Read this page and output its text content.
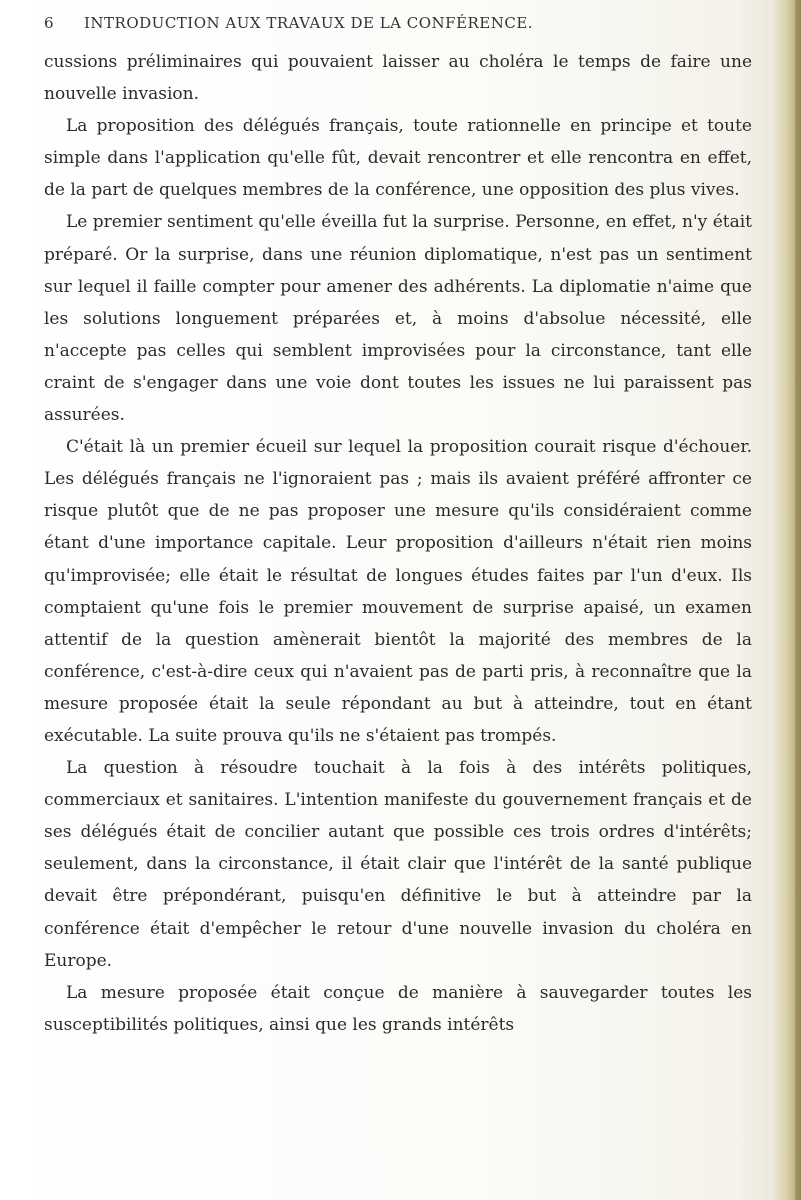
6 INTRODUCTION AUX TRAVAUX DE LA CONFÉRENCE.

cussions préliminaires qui pouvaient laisser au choléra le temps de faire une nouvelle invasion.

La proposition des délégués français, toute rationnelle en principe et toute simple dans l'application qu'elle fût, devait rencontrer et elle rencontra en effet, de la part de quelques membres de la conférence, une opposition des plus vives.

Le premier sentiment qu'elle éveilla fut la surprise. Personne, en effet, n'y était préparé. Or la surprise, dans une réunion diplomatique, n'est pas un sentiment sur lequel il faille compter pour amener des adhérents. La diplomatie n'aime que les solutions longuement préparées et, à moins d'absolue nécessité, elle n'accepte pas celles qui semblent improvisées pour la circonstance, tant elle craint de s'engager dans une voie dont toutes les issues ne lui paraissent pas assurées.

C'était là un premier écueil sur lequel la proposition courait risque d'échouer. Les délégués français ne l'ignoraient pas ; mais ils avaient préféré affronter ce risque plutôt que de ne pas proposer une mesure qu'ils considéraient comme étant d'une importance capitale. Leur proposition d'ailleurs n'était rien moins qu'improvisée; elle était le résultat de longues études faites par l'un d'eux. Ils comptaient qu'une fois le premier mouvement de surprise apaisé, un examen attentif de la question amènerait bientôt la majorité des membres de la conférence, c'est-à-dire ceux qui n'avaient pas de parti pris, à reconnaître que la mesure proposée était la seule répondant au but à atteindre, tout en étant exécutable. La suite prouva qu'ils ne s'étaient pas trompés.

La question à résoudre touchait à la fois à des intérêts politiques, commerciaux et sanitaires. L'intention manifeste du gouvernement français et de ses délégués était de concilier autant que possible ces trois ordres d'intérêts; seulement, dans la circonstance, il était clair que l'intérêt de la santé publique devait être prépondérant, puisqu'en définitive le but à atteindre par la conférence était d'empêcher le retour d'une nouvelle invasion du choléra en Europe.

La mesure proposée était conçue de manière à sauvegarder toutes les susceptibilités politiques, ainsi que les grands intérêts
